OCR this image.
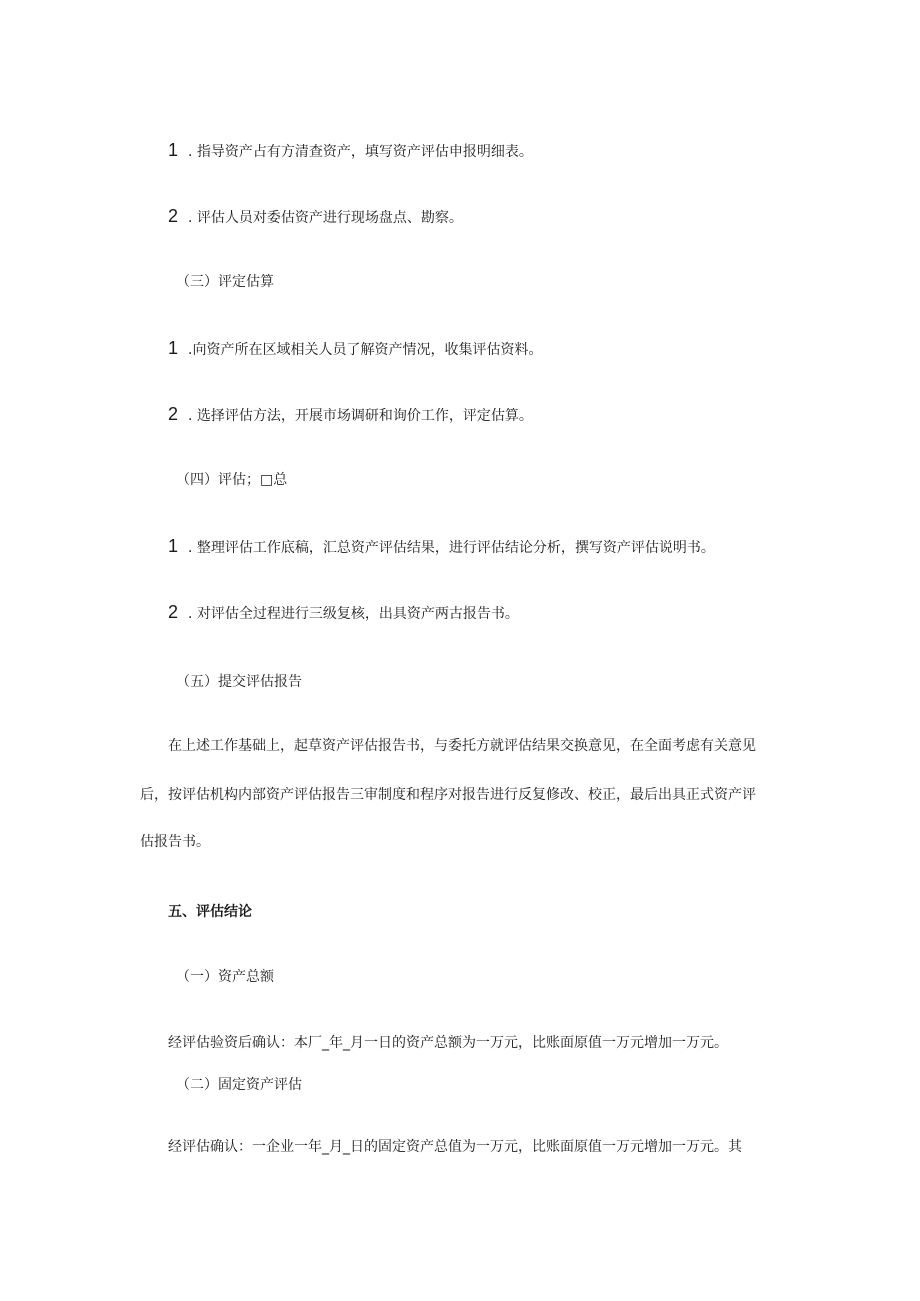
1 . 指导资产占有方清查资产，填写资产评估申报明细表。
2 . 评估人员对委估资产进行现场盘点、勘察。
（三）评定估算
1 .向资产所在区域相关人员了解资产情况，收集评估资料。
2 . 选择评估方法，开展市场调研和询价工作，评定估算。
（四）评估；□总
1 . 整理评估工作底稿，汇总资产评估结果，进行评估结论分析，撰写资产评估说明书。
2 . 对评估全过程进行三级复核，出具资产两古报告书。
（五）提交评估报告
在上述工作基础上，起草资产评估报告书，与委托方就评估结果交换意见，在全面考虑有关意见
后，按评估机构内部资产评估报告三审制度和程序对报告进行反复修改、校正，最后出具正式资产评
估报告书。
五、评估结论
（一）资产总额
经评估验资后确认：本厂_年_月一日的资产总额为一万元，比账面原值一万元增加一万元。
（二）固定资产评估
经评估确认：一企业一年_月_日的固定资产总值为一万元，比账面原值一万元增加一万元。其
